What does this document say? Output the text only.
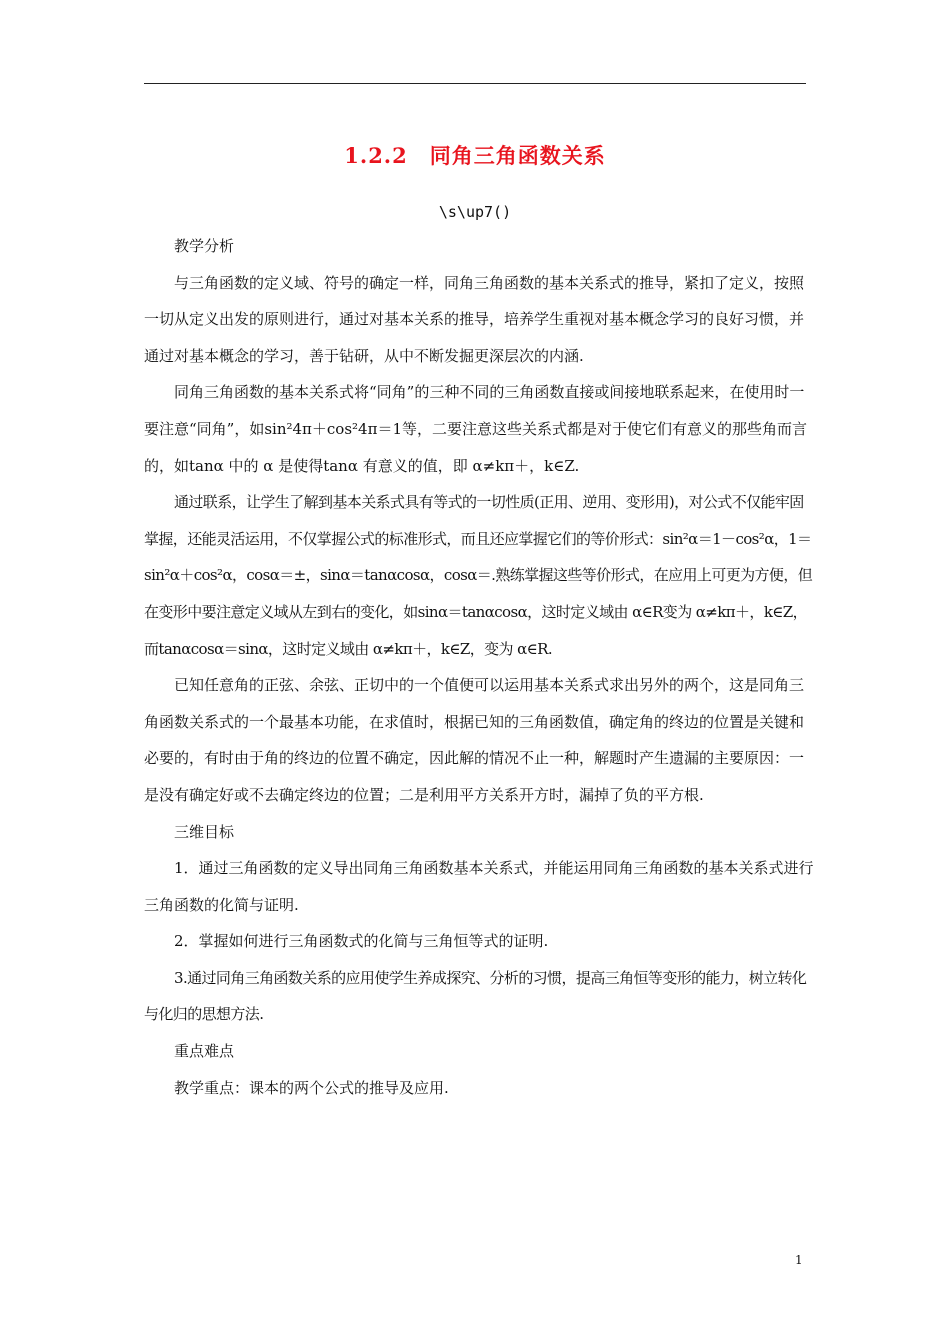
1.2.2　同角三角函数关系
\s\up7()

教学分析

与三角函数的定义域、符号的确定一样，同角三角函数的基本关系式的推导，紧扣了定义，按照一切从定义出发的原则进行，通过对基本关系的推导，培养学生重视对基本概念学习的良好习惯，并通过对基本概念的学习，善于钻研，从中不断发掘更深层次的内涵.

同角三角函数的基本关系式将“同角”的三种不同的三角函数直接或间接地联系起来，在使用时一要注意“同角”，如sin²4π＋cos²4π＝1等，二要注意这些关系式都是对于使它们有意义的那些角而言的，如tanα 中的 α 是使得tanα 有意义的值，即 α≠kπ＋，k∈Z.

通过联系，让学生了解到基本关系式具有等式的一切性质(正用、逆用、变形用)，对公式不仅能牢固掌握，还能灵活运用，不仅掌握公式的标准形式，而且还应掌握它们的等价形式：sin²α＝1－cos²α，1＝sin²α＋cos²α，cosα＝±，sinα＝tanαcosα，cosα＝.熟练掌握这些等价形式，在应用上可更为方便，但在变形中要注意定义域从左到右的变化，如sinα＝tanαcosα，这时定义域由 α∈R变为 α≠kπ＋，k∈Z，而tanαcosα＝sinα，这时定义域由 α≠kπ＋，k∈Z，变为 α∈R.

已知任意角的正弦、余弦、正切中的一个值便可以运用基本关系式求出另外的两个，这是同角三角函数关系式的一个最基本功能，在求值时，根据已知的三角函数值，确定角的终边的位置是关键和必要的，有时由于角的终边的位置不确定，因此解的情况不止一种，解题时产生遗漏的主要原因：一是没有确定好或不去确定终边的位置；二是利用平方关系开方时，漏掉了负的平方根.

三维目标

1．通过三角函数的定义导出同角三角函数基本关系式，并能运用同角三角函数的基本关系式进行三角函数的化简与证明.

2．掌握如何进行三角函数式的化简与三角恒等式的证明.

3.通过同角三角函数关系的应用使学生养成探究、分析的习惯，提高三角恒等变形的能力，树立转化与化归的思想方法.

重点难点

教学重点：课本的两个公式的推导及应用.

1
